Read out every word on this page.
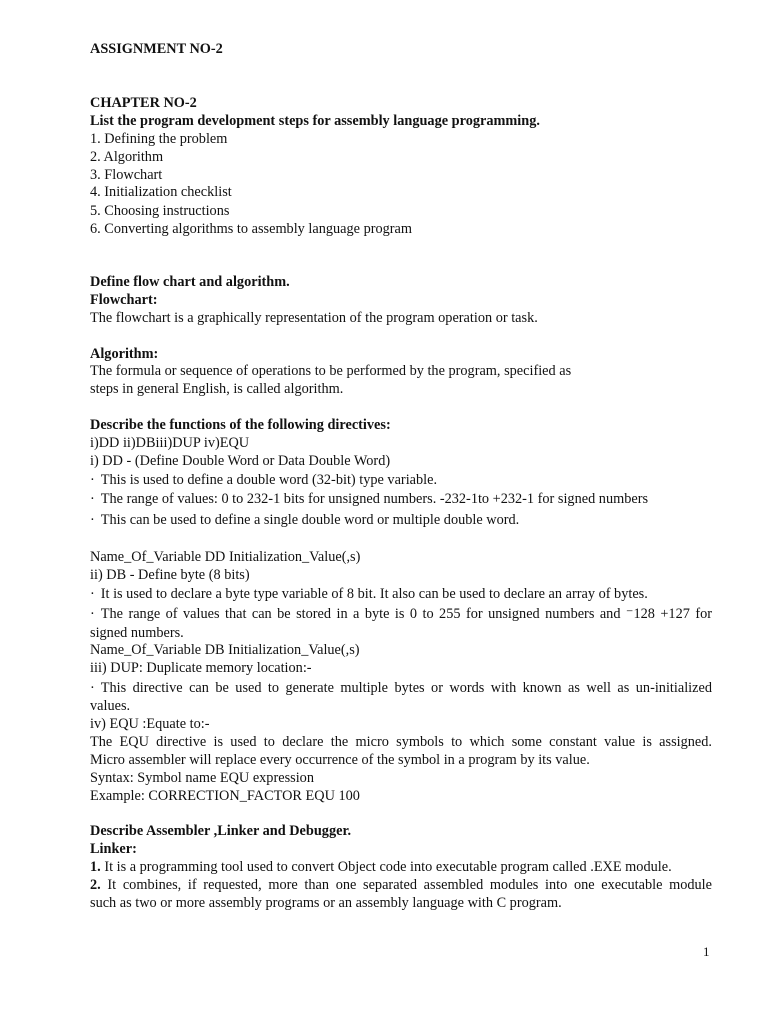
ASSIGNMENT NO-2
CHAPTER NO-2
List the program development steps for assembly language programming.
1. Defining the problem
2. Algorithm
3. Flowchart
4. Initialization checklist
5. Choosing instructions
6. Converting algorithms to assembly language program
Define flow chart and algorithm.
Flowchart:
The flowchart is a graphically representation of the program operation or task.
Algorithm:
The formula or sequence of operations to be performed by the program, specified as
steps in general English, is called algorithm.
Describe the functions of the following directives:
i)DD ii)DBiii)DUP iv)EQU
i) DD - (Define Double Word or Data Double Word)
· This is used to define a double word (32-bit) type variable.
· The range of values: 0 to 232-1 bits for unsigned numbers. -232-1to +232-1 for signed numbers
· This can be used to define a single double word or multiple double word.
Name_Of_Variable DD Initialization_Value(,s)
ii) DB - Define byte (8 bits)
· It is used to declare a byte type variable of 8 bit. It also can be used to declare an array of bytes.
· The range of values that can be stored in a byte is 0 to 255 for unsigned numbers and ⁻128 +127 for
signed numbers.
Name_Of_Variable DB Initialization_Value(,s)
iii) DUP: Duplicate memory location:-
· This directive can be used to generate multiple bytes or words with known as well as un-initialized
values.
iv) EQU :Equate to:-
The EQU directive is used to declare the micro symbols to which some constant value is assigned.
Micro assembler will replace every occurrence of the symbol in a program by its value.
Syntax: Symbol name EQU expression
Example: CORRECTION_FACTOR EQU 100
Describe Assembler ,Linker and Debugger.
Linker:
1. It is a programming tool used to convert Object code into executable program called .EXE module.
2. It combines, if requested, more than one separated assembled modules into one executable module
such as two or more assembly programs or an assembly language with C program.
1
